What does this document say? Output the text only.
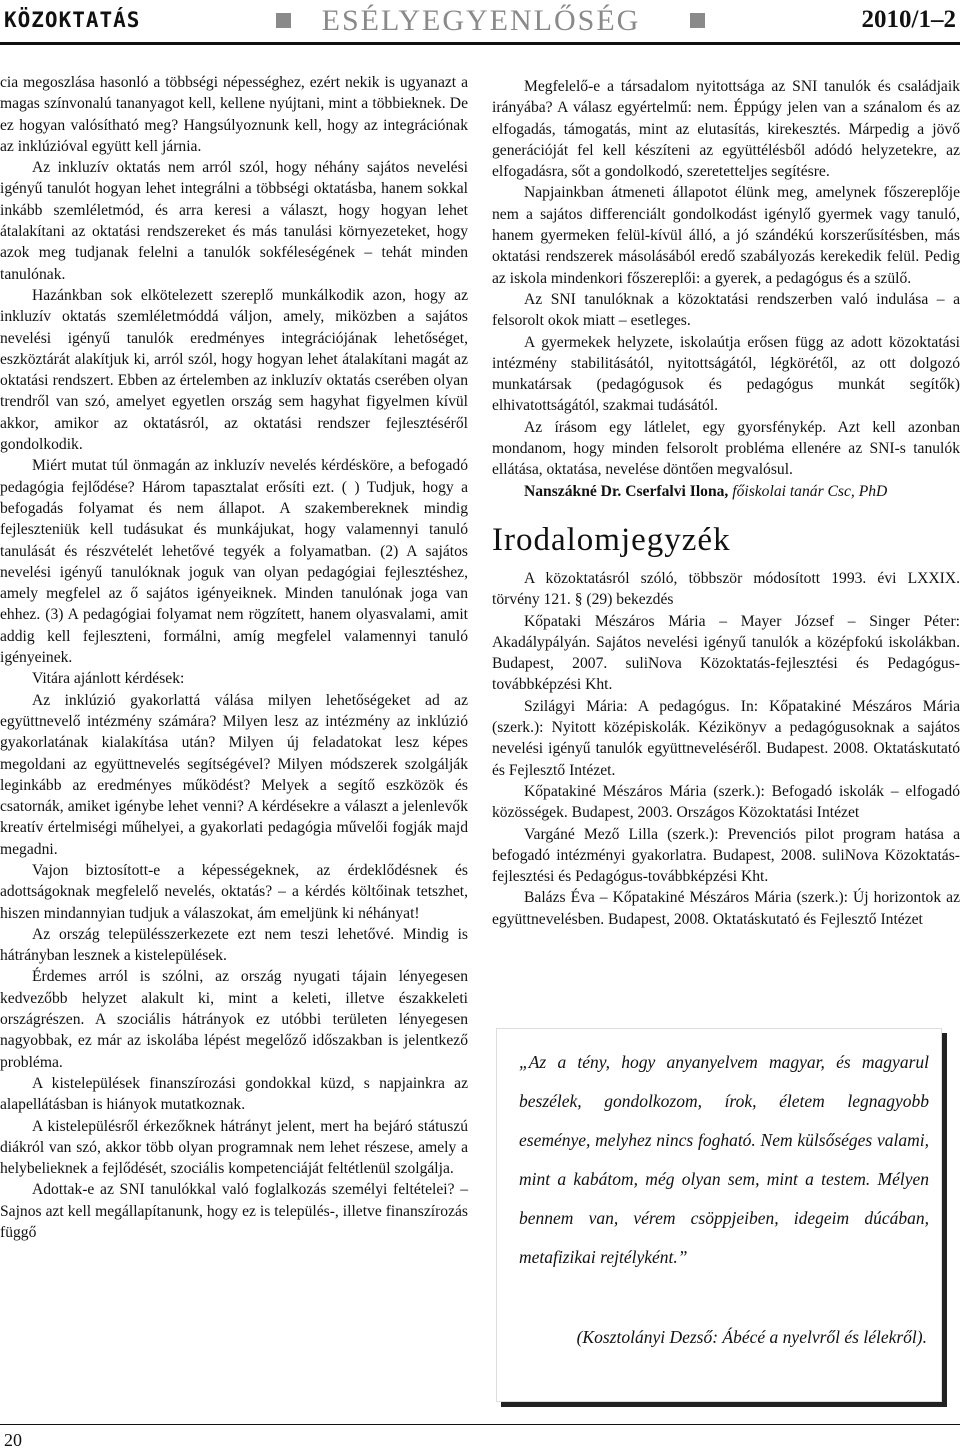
KÖZOKTATÁS	ESÉLYEGYENLŐSÉG	2010/1–2

cia megoszlása hasonló a többségi népességhez, ezért nekik is ugyanazt a magas színvonalú tananyagot kell, kellene nyújtani, mint a többieknek. De ez hogyan valósítható meg? Hangsúlyoznunk kell, hogy az integrációnak az inklúzióval együtt kell járnia.

Az inkluzív oktatás nem arról szól, hogy néhány sajátos nevelési igényű tanulót hogyan lehet integrálni a többségi oktatásba, hanem sokkal inkább szemléletmód, és arra keresi a választ, hogy hogyan lehet átalakítani az oktatási rendszereket és más tanulási környezeteket, hogy azok meg tudjanak felelni a tanulók sokféleségének – tehát minden tanulónak.

Hazánkban sok elkötelezett szereplő munkálkodik azon, hogy az inkluzív oktatás szemléletmóddá váljon, amely, miközben a sajátos nevelési igényű tanulók eredményes integrációjának lehetőséget, eszköztárát alakítjuk ki, arról szól, hogy hogyan lehet átalakítani magát az oktatási rendszert. Ebben az értelemben az inkluzív oktatás cserében olyan trendről van szó, amelyet egyetlen ország sem hagyhat figyelmen kívül akkor, amikor az oktatásról, az oktatási rendszer fejlesztéséről gondolkodik.

Miért mutat túl önmagán az inkluzív nevelés kérdésköre, a befogadó pedagógia fejlődése? Három tapasztalat erősíti ezt. ( ) Tudjuk, hogy a befogadás folyamat és nem állapot. A szakembereknek mindig fejleszteniük kell tudásukat és munkájukat, hogy valamennyi tanuló tanulását és részvételét lehetővé tegyék a folyamatban. (2) A sajátos nevelési igényű tanulóknak joguk van olyan pedagógiai fejlesztéshez, amely megfelel az ő sajátos igényeiknek. Minden tanulónak joga van ehhez. (3) A pedagógiai folyamat nem rögzített, hanem olyasvalami, amit addig kell fejleszteni, formálni, amíg megfelel valamennyi tanuló igényeinek.

Vitára ajánlott kérdések:

Az inklúzió gyakorlattá válása milyen lehetőségeket ad az együttnevelő intézmény számára? Milyen lesz az intézmény az inklúzió gyakorlatának kialakítása után? Milyen új feladatokat lesz képes megoldani az együttnevelés segítségével? Milyen módszerek szolgálják leginkább az eredményes működést? Melyek a segítő eszközök és csatornák, amiket igénybe lehet venni? A kérdésekre a választ a jelenlevők kreatív értelmiségi műhelyei, a gyakorlati pedagógia művelői fogják majd megadni.

Vajon biztosított-e a képességeknek, az érdeklődésnek és adottságoknak megfelelő nevelés, oktatás? – a kérdés költőinak tetszhet, hiszen mindannyian tudjuk a válaszokat, ám emeljünk ki néhányat!

Az ország településszerkezete ezt nem teszi lehetővé. Mindig is hátrányban lesznek a kistelepülések.

Érdemes arról is szólni, az ország nyugati tájain lényegesen kedvezőbb helyzet alakult ki, mint a keleti, illetve északkeleti országrészen. A szociális hátrányok ez utóbbi területen lényegesen nagyobbak, ez már az iskolába lépést megelőző időszakban is jelentkező probléma.

A kistelepülések finanszírozási gondokkal küzd, s napjainkra az alapellátásban is hiányok mutatkoznak.

A kistelepülésről érkezőknek hátrányt jelent, mert ha bejáró státuszú diákról van szó, akkor több olyan programnak nem lehet részese, amely a helybelieknek a fejlődését, szociális kompetenciáját feltétlenül szolgálja.

Adottak-e az SNI tanulókkal való foglalkozás személyi feltételei? – Sajnos azt kell megállapítanunk, hogy ez is település-, illetve finanszírozás függő

Megfelelő-e a társadalom nyitottsága az SNI tanulók és családjaik irányába? A válasz egyértelmű: nem. Éppúgy jelen van a szánalom és az elfogadás, támogatás, mint az elutasítás, kirekesztés. Márpedig a jövő generációját fel kell készíteni az együttélésből adódó helyzetekre, az elfogadásra, sőt a gondolkodó, szeretetteljes segítésre.

Napjainkban átmeneti állapotot élünk meg, amelynek főszereplője nem a sajátos differenciált gondolkodást igénylő gyermek vagy tanuló, hanem gyermeken felül-kívül álló, a jó szándékú korszerűsítésben, más oktatási rendszerek másolásából eredő szabályozás kerekedik felül. Pedig az iskola mindenkori főszereplői: a gyerek, a pedagógus és a szülő.

Az SNI tanulóknak a közoktatási rendszerben való indulása – a felsorolt okok miatt – esetleges.

A gyermekek helyzete, iskolaútja erősen függ az adott közoktatási intézmény stabilitásától, nyitottságától, légkörétől, az ott dolgozó munkatársak (pedagógusok és pedagógus munkát segítők) elhivatottságától, szakmai tudásától.

Az írásom egy látlelet, egy gyorsfénykép. Azt kell azonban mondanom, hogy minden felsorolt probléma ellenére az SNI-s tanulók ellátása, oktatása, nevelése döntően megvalósul.

Nanszákné Dr. Cserfalvi Ilona, főiskolai tanár Csc, PhD

Irodalomjegyzék

A közoktatásról szóló, többször módosított 1993. évi LXXIX. törvény 121. § (29) bekezdés

Kőpataki Mészáros Mária – Mayer József – Singer Péter: Akadálypályán. Sajátos nevelési igényű tanulók a középfokú iskolákban. Budapest, 2007. suliNova Közoktatás-fejlesztési és Pedagógus-továbbképzési Kht.

Szilágyi Mária: A pedagógus. In: Kőpatakiné Mészáros Mária (szerk.): Nyitott középiskolák. Kézikönyv a pedagógusoknak a sajátos nevelési igényű tanulók együttneveléséről. Budapest. 2008. Oktatáskutató és Fejlesztő Intézet.

Kőpatakiné Mészáros Mária (szerk.): Befogadó iskolák – elfogadó közösségek. Budapest, 2003. Országos Közoktatási Intézet

Vargáné Mező Lilla (szerk.): Prevenciós pilot program hatása a befogadó intézményi gyakorlatra. Budapest, 2008. suliNova Közoktatás-fejlesztési és Pedagógus-továbbképzési Kht.

Balázs Éva – Kőpatakiné Mészáros Mária (szerk.): Új horizontok az együttnevelésben. Budapest, 2008. Oktatáskutató és Fejlesztő Intézet

„Az a tény, hogy anyanyelvem magyar, és magyarul beszélek, gondolkozom, írok, életem legnagyobb eseménye, melyhez nincs fogható. Nem külsőséges valami, mint a kabátom, még olyan sem, mint a testem. Mélyen bennem van, vérem csöppjeiben, idegeim dúcában, metafizikai rejtélyként.”
(Kosztolányi Dezső: Ábécé a nyelvről és lélekről).
20
